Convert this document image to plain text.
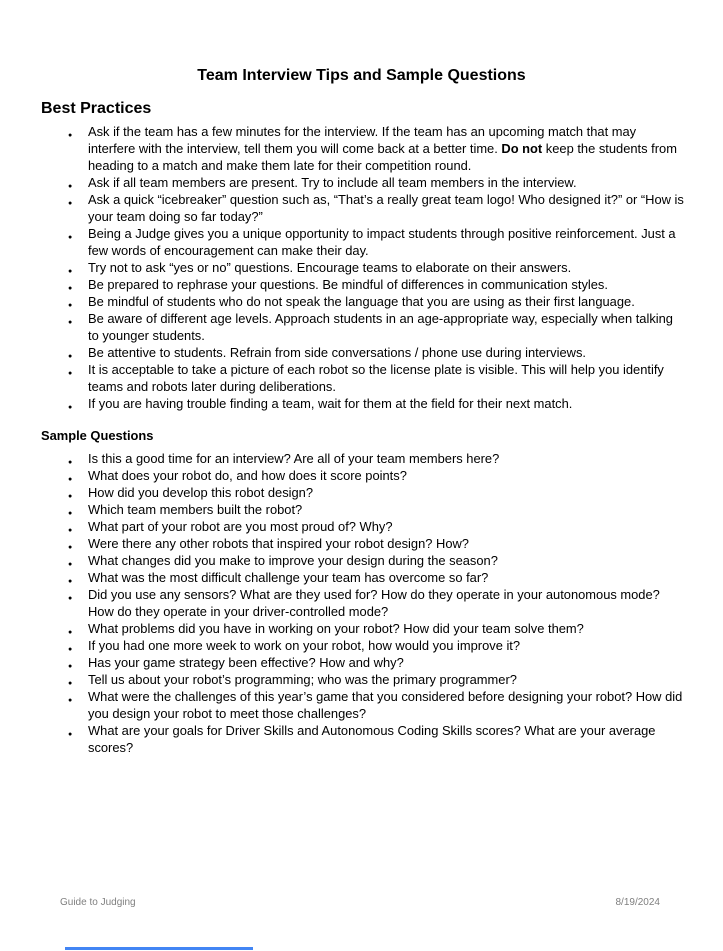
Team Interview Tips and Sample Questions
Best Practices
● Ask if the team has a few minutes for the interview. If the team has an upcoming match that may interfere with the interview, tell them you will come back at a better time. Do not keep the students from heading to a match and make them late for their competition round.
● Ask if all team members are present. Try to include all team members in the interview.
● Ask a quick “icebreaker” question such as, “That’s a really great team logo! Who designed it?” or “How is your team doing so far today?”
● Being a Judge gives you a unique opportunity to impact students through positive reinforcement. Just a few words of encouragement can make their day.
● Try not to ask “yes or no” questions. Encourage teams to elaborate on their answers.
● Be prepared to rephrase your questions. Be mindful of differences in communication styles.
● Be mindful of students who do not speak the language that you are using as their first language.
● Be aware of different age levels. Approach students in an age-appropriate way, especially when talking to younger students.
● Be attentive to students. Refrain from side conversations / phone use during interviews.
● It is acceptable to take a picture of each robot so the license plate is visible. This will help you identify teams and robots later during deliberations.
● If you are having trouble finding a team, wait for them at the field for their next match.
Sample Questions
● Is this a good time for an interview? Are all of your team members here?
● What does your robot do, and how does it score points?
● How did you develop this robot design?
● Which team members built the robot?
● What part of your robot are you most proud of? Why?
● Were there any other robots that inspired your robot design? How?
● What changes did you make to improve your design during the season?
● What was the most difficult challenge your team has overcome so far?
● Did you use any sensors? What are they used for? How do they operate in your autonomous mode? How do they operate in your driver-controlled mode?
● What problems did you have in working on your robot? How did your team solve them?
● If you had one more week to work on your robot, how would you improve it?
● Has your game strategy been effective? How and why?
● Tell us about your robot’s programming; who was the primary programmer?
● What were the challenges of this year’s game that you considered before designing your robot? How did you design your robot to meet those challenges?
● What are your goals for Driver Skills and Autonomous Coding Skills scores? What are your average scores?
Guide to Judging	8/19/2024
